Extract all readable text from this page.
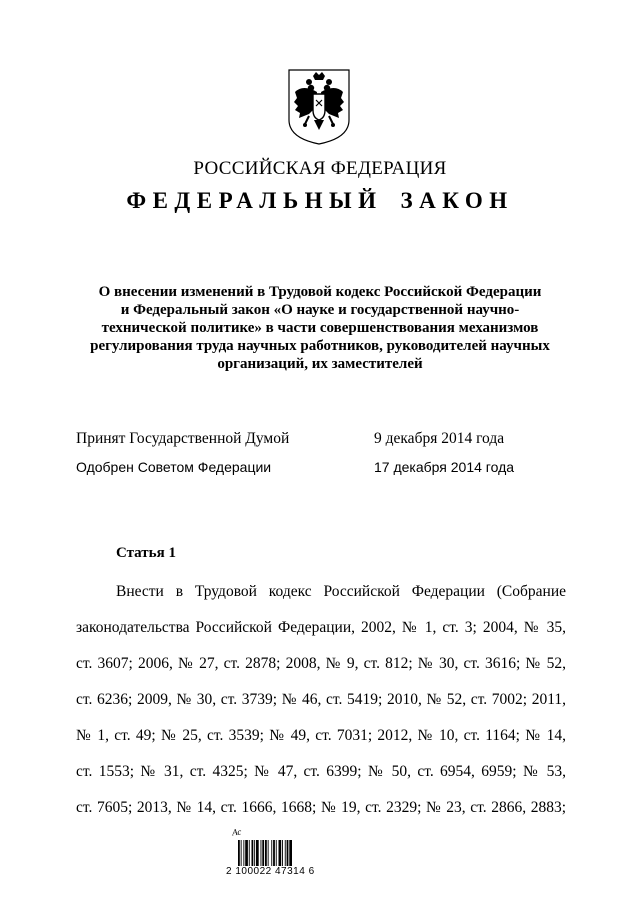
РОССИЙСКАЯ ФЕДЕРАЦИЯ
ФЕДЕРАЛЬНЫЙ ЗАКОН
О внесении изменений в Трудовой кодекс Российской Федерации
и Федеральный закон «О науке и государственной научно-
технической политике» в части совершенствования механизмов
регулирования труда научных работников, руководителей научных
организаций, их заместителей
Принят Государственной Думой	9 декабря 2014 года
Одобрен Советом Федерации	17 декабря 2014 года
Статья 1
Внести в Трудовой кодекс Российской Федерации (Собрание
законодательства Российской Федерации, 2002, № 1, ст. 3; 2004, № 35,
ст. 3607; 2006, № 27, ст. 2878; 2008, № 9, ст. 812; № 30, ст. 3616; № 52,
ст. 6236; 2009, № 30, ст. 3739; № 46, ст. 5419; 2010, № 52, ст. 7002; 2011,
№ 1, ст. 49; № 25, ст. 3539; № 49, ст. 7031; 2012, № 10, ст. 1164; № 14,
ст. 1553; № 31, ст. 4325; № 47, ст. 6399; № 50, ст. 6954, 6959; № 53,
ст. 7605; 2013, № 14, ст. 1666, 1668; № 19, ст. 2329; № 23, ст. 2866, 2883;
Ас
2 100022 47314 6
